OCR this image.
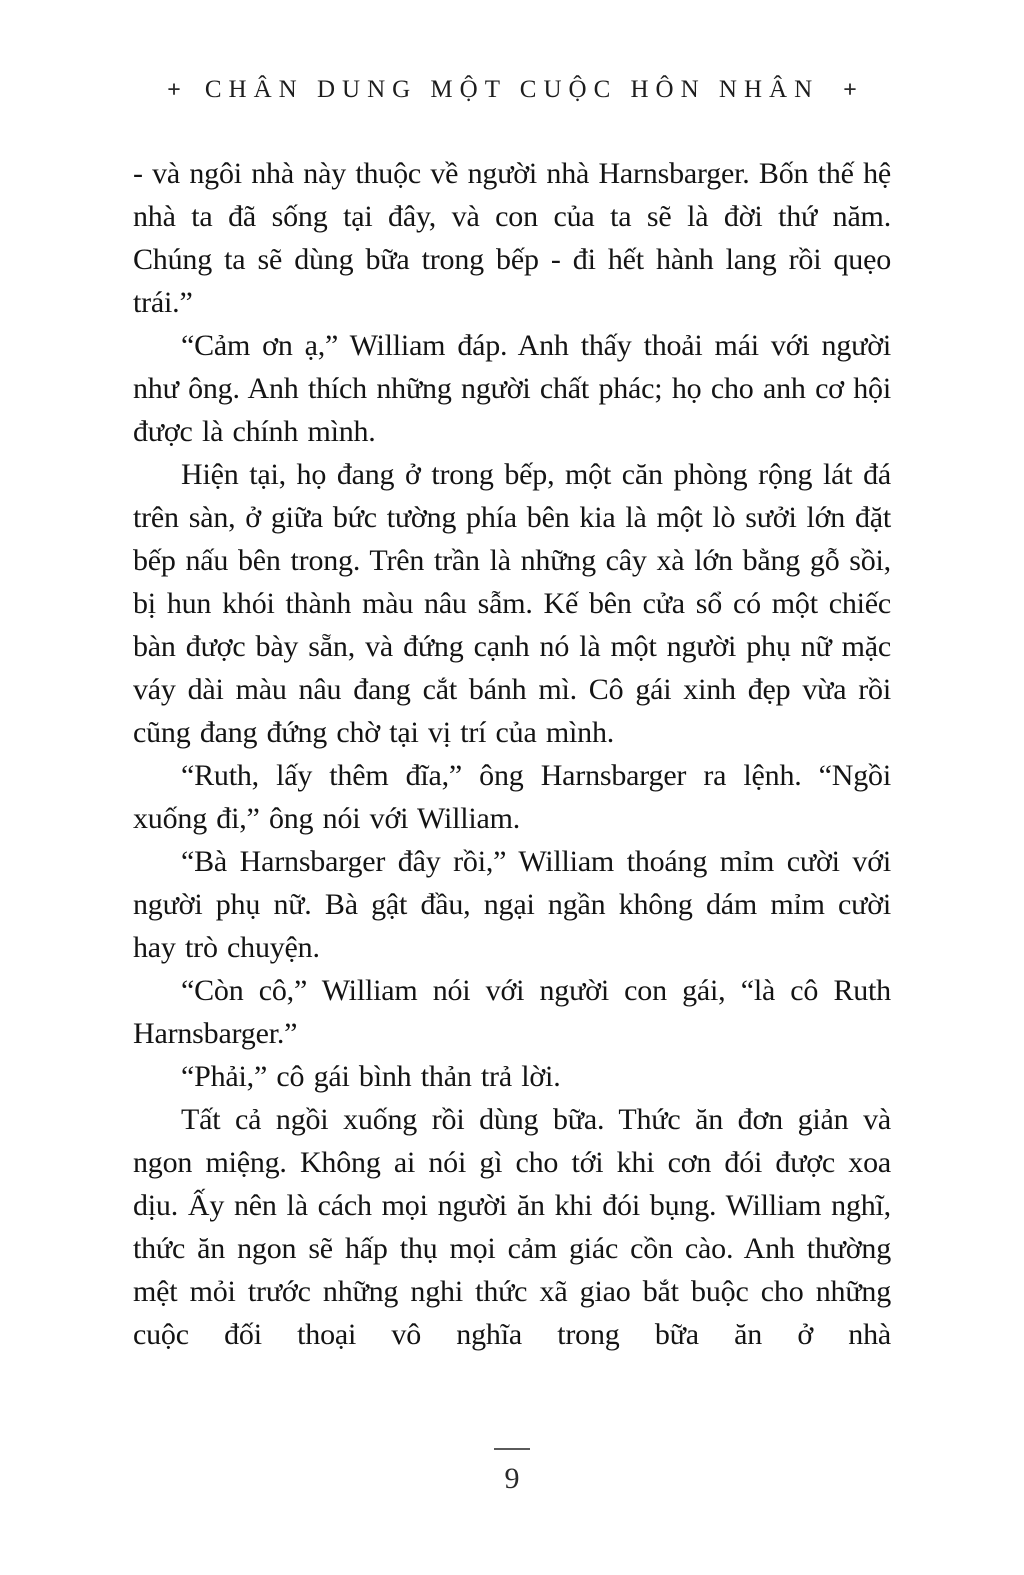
CHÂN DUNG MỘT CUỘC HÔN NHÂN

- và ngôi nhà này thuộc về người nhà Harnsbarger. Bốn thế hệ nhà ta đã sống tại đây, và con của ta sẽ là đời thứ năm. Chúng ta sẽ dùng bữa trong bếp - đi hết hành lang rồi quẹo trái.”

“Cảm ơn ạ,” William đáp. Anh thấy thoải mái với người như ông. Anh thích những người chất phác; họ cho anh cơ hội được là chính mình.

Hiện tại, họ đang ở trong bếp, một căn phòng rộng lát đá trên sàn, ở giữa bức tường phía bên kia là một lò sưởi lớn đặt bếp nấu bên trong. Trên trần là những cây xà lớn bằng gỗ sồi, bị hun khói thành màu nâu sẫm. Kế bên cửa sổ có một chiếc bàn được bày sẵn, và đứng cạnh nó là một người phụ nữ mặc váy dài màu nâu đang cắt bánh mì. Cô gái xinh đẹp vừa rồi cũng đang đứng chờ tại vị trí của mình.

“Ruth, lấy thêm đĩa,” ông Harnsbarger ra lệnh. “Ngồi xuống đi,” ông nói với William.

“Bà Harnsbarger đây rồi,” William thoáng mỉm cười với người phụ nữ. Bà gật đầu, ngại ngần không dám mỉm cười hay trò chuyện.

“Còn cô,” William nói với người con gái, “là cô Ruth Harnsbarger.”

“Phải,” cô gái bình thản trả lời.

Tất cả ngồi xuống rồi dùng bữa. Thức ăn đơn giản và ngon miệng. Không ai nói gì cho tới khi cơn đói được xoa dịu. Ấy nên là cách mọi người ăn khi đói bụng. William nghĩ, thức ăn ngon sẽ hấp thụ mọi cảm giác cồn cào. Anh thường mệt mỏi trước những nghi thức xã giao bắt buộc cho những cuộc đối thoại vô nghĩa trong bữa ăn ở nhà

9
